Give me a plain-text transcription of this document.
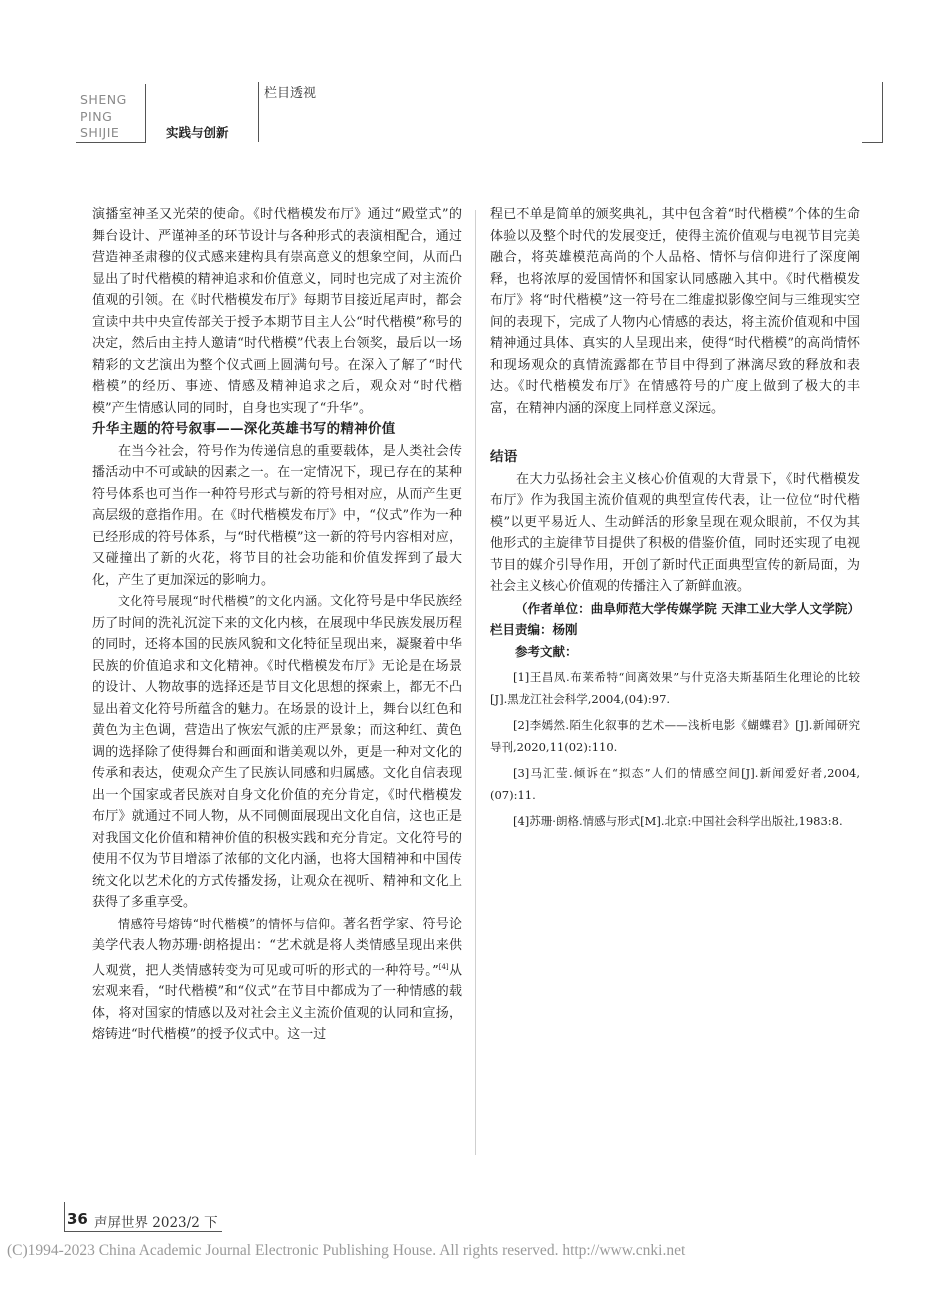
SHENG
PING
SHIJIE	实践与创新
栏目透视

演播室神圣又光荣的使命。《时代楷模发布厅》通过“殿堂式”的舞台设计、严谨神圣的环节设计与各种形式的表演相配合，通过营造神圣肃穆的仪式感来建构具有崇高意义的想象空间，从而凸显出了时代楷模的精神追求和价值意义，同时也完成了对主流价值观的引领。在《时代楷模发布厅》每期节目接近尾声时，都会宣读中共中央宣传部关于授予本期节目主人公“时代楷模”称号的决定，然后由主持人邀请“时代楷模”代表上台领奖，最后以一场精彩的文艺演出为整个仪式画上圆满句号。在深入了解了“时代楷模”的经历、事迹、情感及精神追求之后，观众对“时代楷模”产生情感认同的同时，自身也实现了“升华”。

升华主题的符号叙事——深化英雄书写的精神价值

在当今社会，符号作为传递信息的重要载体，是人类社会传播活动中不可或缺的因素之一。在一定情况下，现已存在的某种符号体系也可当作一种符号形式与新的符号相对应，从而产生更高层级的意指作用。在《时代楷模发布厅》中，“仪式”作为一种已经形成的符号体系，与“时代楷模”这一新的符号内容相对应，又碰撞出了新的火花，将节目的社会功能和价值发挥到了最大化，产生了更加深远的影响力。

文化符号展现“时代楷模”的文化内涵。文化符号是中华民族经历了时间的洗礼沉淀下来的文化内核，在展现中华民族发展历程的同时，还将本国的民族风貌和文化特征呈现出来，凝聚着中华民族的价值追求和文化精神。《时代楷模发布厅》无论是在场景的设计、人物故事的选择还是节目文化思想的探索上，都无不凸显出着文化符号所蕴含的魅力。在场景的设计上，舞台以红色和黄色为主色调，营造出了恢宏气派的庄严景象；而这种红、黄色调的选择除了使得舞台和画面和谐美观以外，更是一种对文化的传承和表达，使观众产生了民族认同感和归属感。文化自信表现出一个国家或者民族对自身文化价值的充分肯定，《时代楷模发布厅》就通过不同人物，从不同侧面展现出文化自信，这也正是对我国文化价值和精神价值的积极实践和充分肯定。文化符号的使用不仅为节目增添了浓郁的文化内涵，也将大国精神和中国传统文化以艺术化的方式传播发扬，让观众在视听、精神和文化上获得了多重享受。

情感符号熔铸“时代楷模”的情怀与信仰。著名哲学家、符号论美学代表人物苏珊·朗格提出：“艺术就是将人类情感呈现出来供人观赏，把人类情感转变为可见或可听的形式的一种符号。”[4]从宏观来看，“时代楷模”和“仪式”在节目中都成为了一种情感的载体，将对国家的情感以及对社会主义主流价值观的认同和宣扬，熔铸进“时代楷模”的授予仪式中。这一过

程已不单是简单的颁奖典礼，其中包含着“时代楷模”个体的生命体验以及整个时代的发展变迁，使得主流价值观与电视节目完美融合，将英雄模范高尚的个人品格、情怀与信仰进行了深度阐释，也将浓厚的爱国情怀和国家认同感融入其中。《时代楷模发布厅》将“时代楷模”这一符号在二维虚拟影像空间与三维现实空间的表现下，完成了人物内心情感的表达，将主流价值观和中国精神通过具体、真实的人呈现出来，使得“时代楷模”的高尚情怀和现场观众的真情流露都在节目中得到了淋漓尽致的释放和表达。《时代楷模发布厅》在情感符号的广度上做到了极大的丰富，在精神内涵的深度上同样意义深远。

结语

在大力弘扬社会主义核心价值观的大背景下，《时代楷模发布厅》作为我国主流价值观的典型宣传代表，让一位位“时代楷模”以更平易近人、生动鲜活的形象呈现在观众眼前，不仅为其他形式的主旋律节目提供了积极的借鉴价值，同时还实现了电视节目的媒介引导作用，开创了新时代正面典型宣传的新局面，为社会主义核心价值观的传播注入了新鲜血液。

（作者单位：曲阜师范大学传媒学院 天津工业大学人文学院）栏目责编：杨刚

参考文献：

[1]王昌凤.布莱希特“间离效果”与什克洛夫斯基陌生化理论的比较[J].黑龙江社会科学,2004,(04):97.

[2]李嫣然.陌生化叙事的艺术——浅析电影《蝴蝶君》[J].新闻研究导刊,2020,11(02):110.

[3]马汇莹.倾诉在“拟态”人们的情感空间[J].新闻爱好者,2004,(07):11.

[4]苏珊·朗格.情感与形式[M].北京:中国社会科学出版社,1983:8.

36 声屏世界 2023/2 下
(C)1994-2023 China Academic Journal Electronic Publishing House. All rights reserved. http://www.cnki.net
